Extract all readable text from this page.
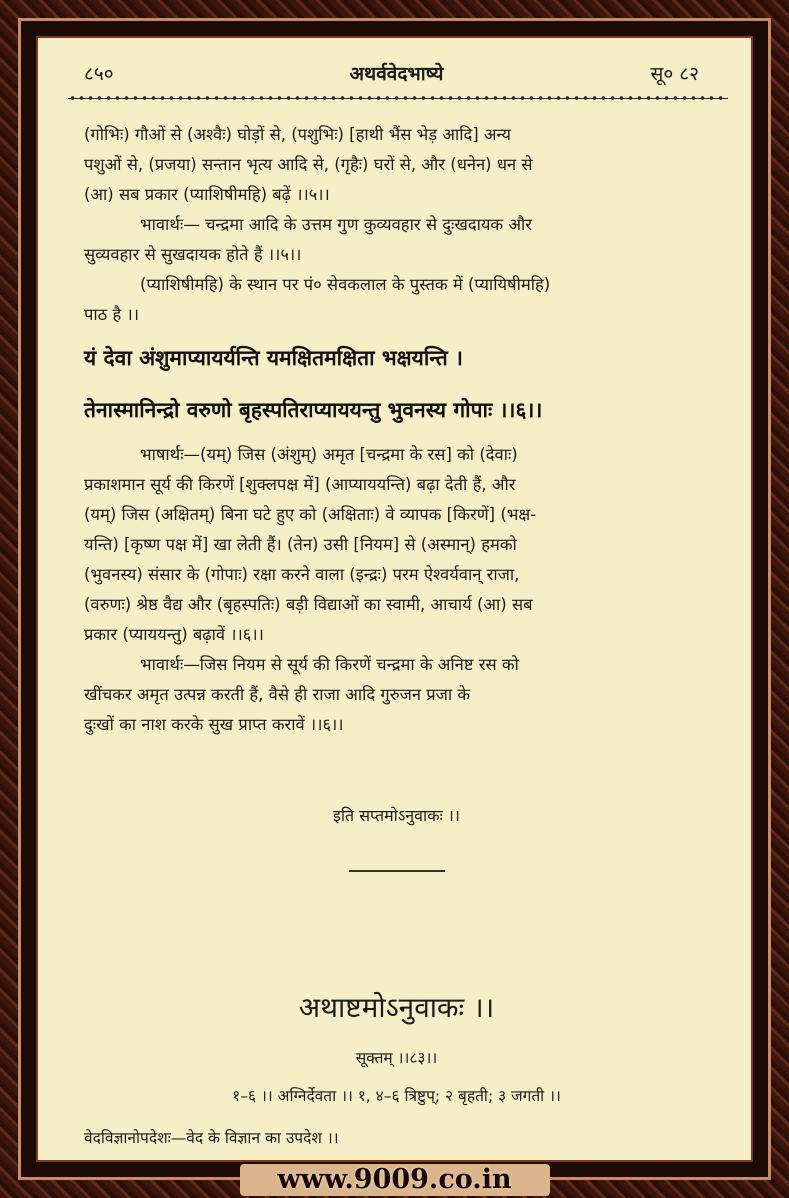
८५०	अथर्ववेदभाष्ये	सू० ८२

(गोभिः) गौओं से (अश्वैः) घोड़ों से, (पशुभिः) [हाथी भैंस भेड़ आदि] अन्य

पशुओं से, (प्रजया) सन्तान भृत्य आदि से, (गृहैः) घरों से, और (धनेन) धन से

(आ) सब प्रकार (प्याशिषीमहि) बढ़ें ।।५।।

भावार्थः— चन्द्रमा आदि के उत्तम गुण कुव्यवहार से दुःखदायक और

सुव्यवहार से सुखदायक होते हैं ।।५।।

(प्याशिषीमहि) के स्थान पर पं० सेवकलाल के पुस्तक में (प्यायिषीमहि)

पाठ है ।।

यं देवा अंशुमाप्यायर्यन्ति यमक्षितमक्षिता भक्षयन्ति ।
तेनास्मानिन्द्रो वरुणो बृहस्पतिराप्याययन्तु भुवनस्य गोपाः ।।६।।

भाषार्थः—(यम्) जिस (अंशुम्) अमृत [चन्द्रमा के रस] को (देवाः)

प्रकाशमान सूर्य की किरणें [शुक्लपक्ष में] (आप्याययन्ति) बढ़ा देती हैं, और

(यम्) जिस (अक्षितम्) बिना घटे हुए को (अक्षिताः) वे व्यापक [किरणें] (भक्ष-

यन्ति) [कृष्ण पक्ष में] खा लेती हैं। (तेन) उसी [नियम] से (अस्मान्) हमको

(भुवनस्य) संसार के (गोपाः) रक्षा करने वाला (इन्द्रः) परम ऐश्वर्यवान् राजा,

(वरुणः) श्रेष्ठ वैद्य और (बृहस्पतिः) बड़ी विद्याओं का स्वामी, आचार्य (आ) सब

प्रकार (प्याययन्तु) बढ़ावें ।।६।।

भावार्थः—जिस नियम से सूर्य की किरणें चन्द्रमा के अनिष्ट रस को

खींचकर अमृत उत्पन्न करती हैं, वैसे ही राजा आदि गुरुजन प्रजा के

दुःखों का नाश करके सुख प्राप्त करावें ।।६।।

इति सप्तमोऽनुवाकः ।।
अथाष्टमोऽनुवाकः ।।
सूक्तम् ।।८३।।
१–६ ।। अग्निर्देवता ।। १, ४–६ त्रिष्टुप्; २ बृहती; ३ जगती ।।
वेदविज्ञानोपदेशः—वेद के विज्ञान का उपदेश ।।
www.9009.co.in
